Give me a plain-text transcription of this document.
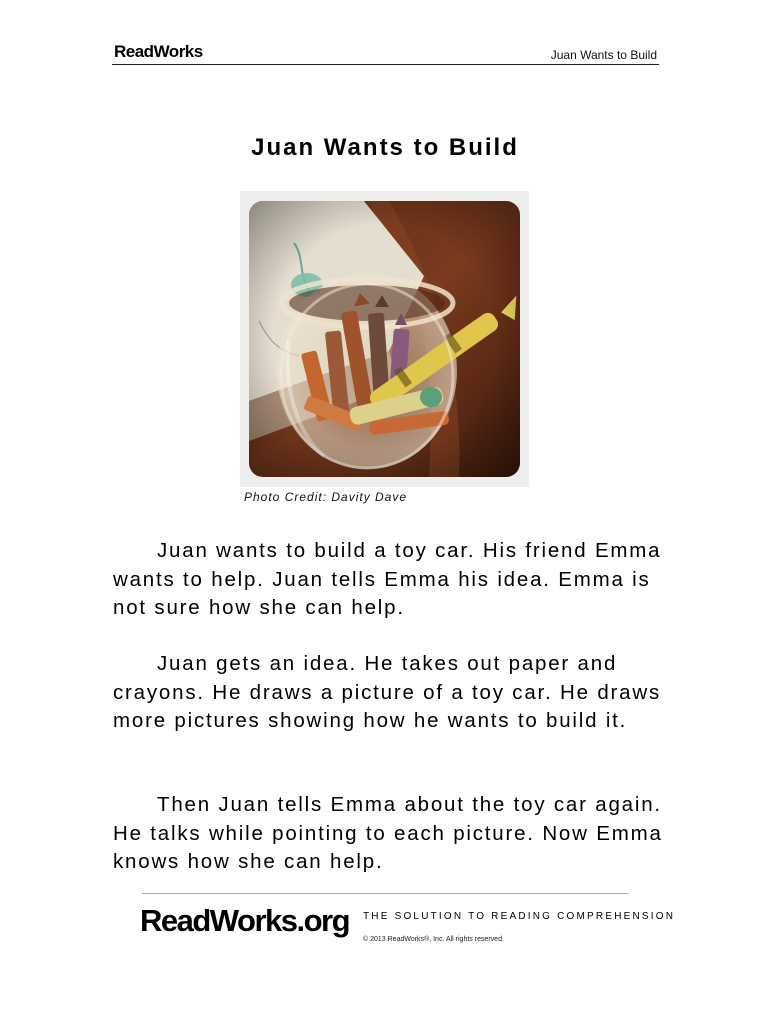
ReadWorks	Juan Wants to Build
Juan Wants to Build
Photo Credit: Davity Dave

Juan wants to build a toy car. His friend Emma wants to help. Juan tells Emma his idea. Emma is not sure how she can help.

Juan gets an idea. He takes out paper and crayons. He draws a picture of a toy car. He draws more pictures showing how he wants to build it.

Then Juan tells Emma about the toy car again. He talks while pointing to each picture. Now Emma knows how she can help.

ReadWorks.org THE SOLUTION TO READING COMPREHENSION
© 2013 ReadWorks®, Inc. All rights reserved.
